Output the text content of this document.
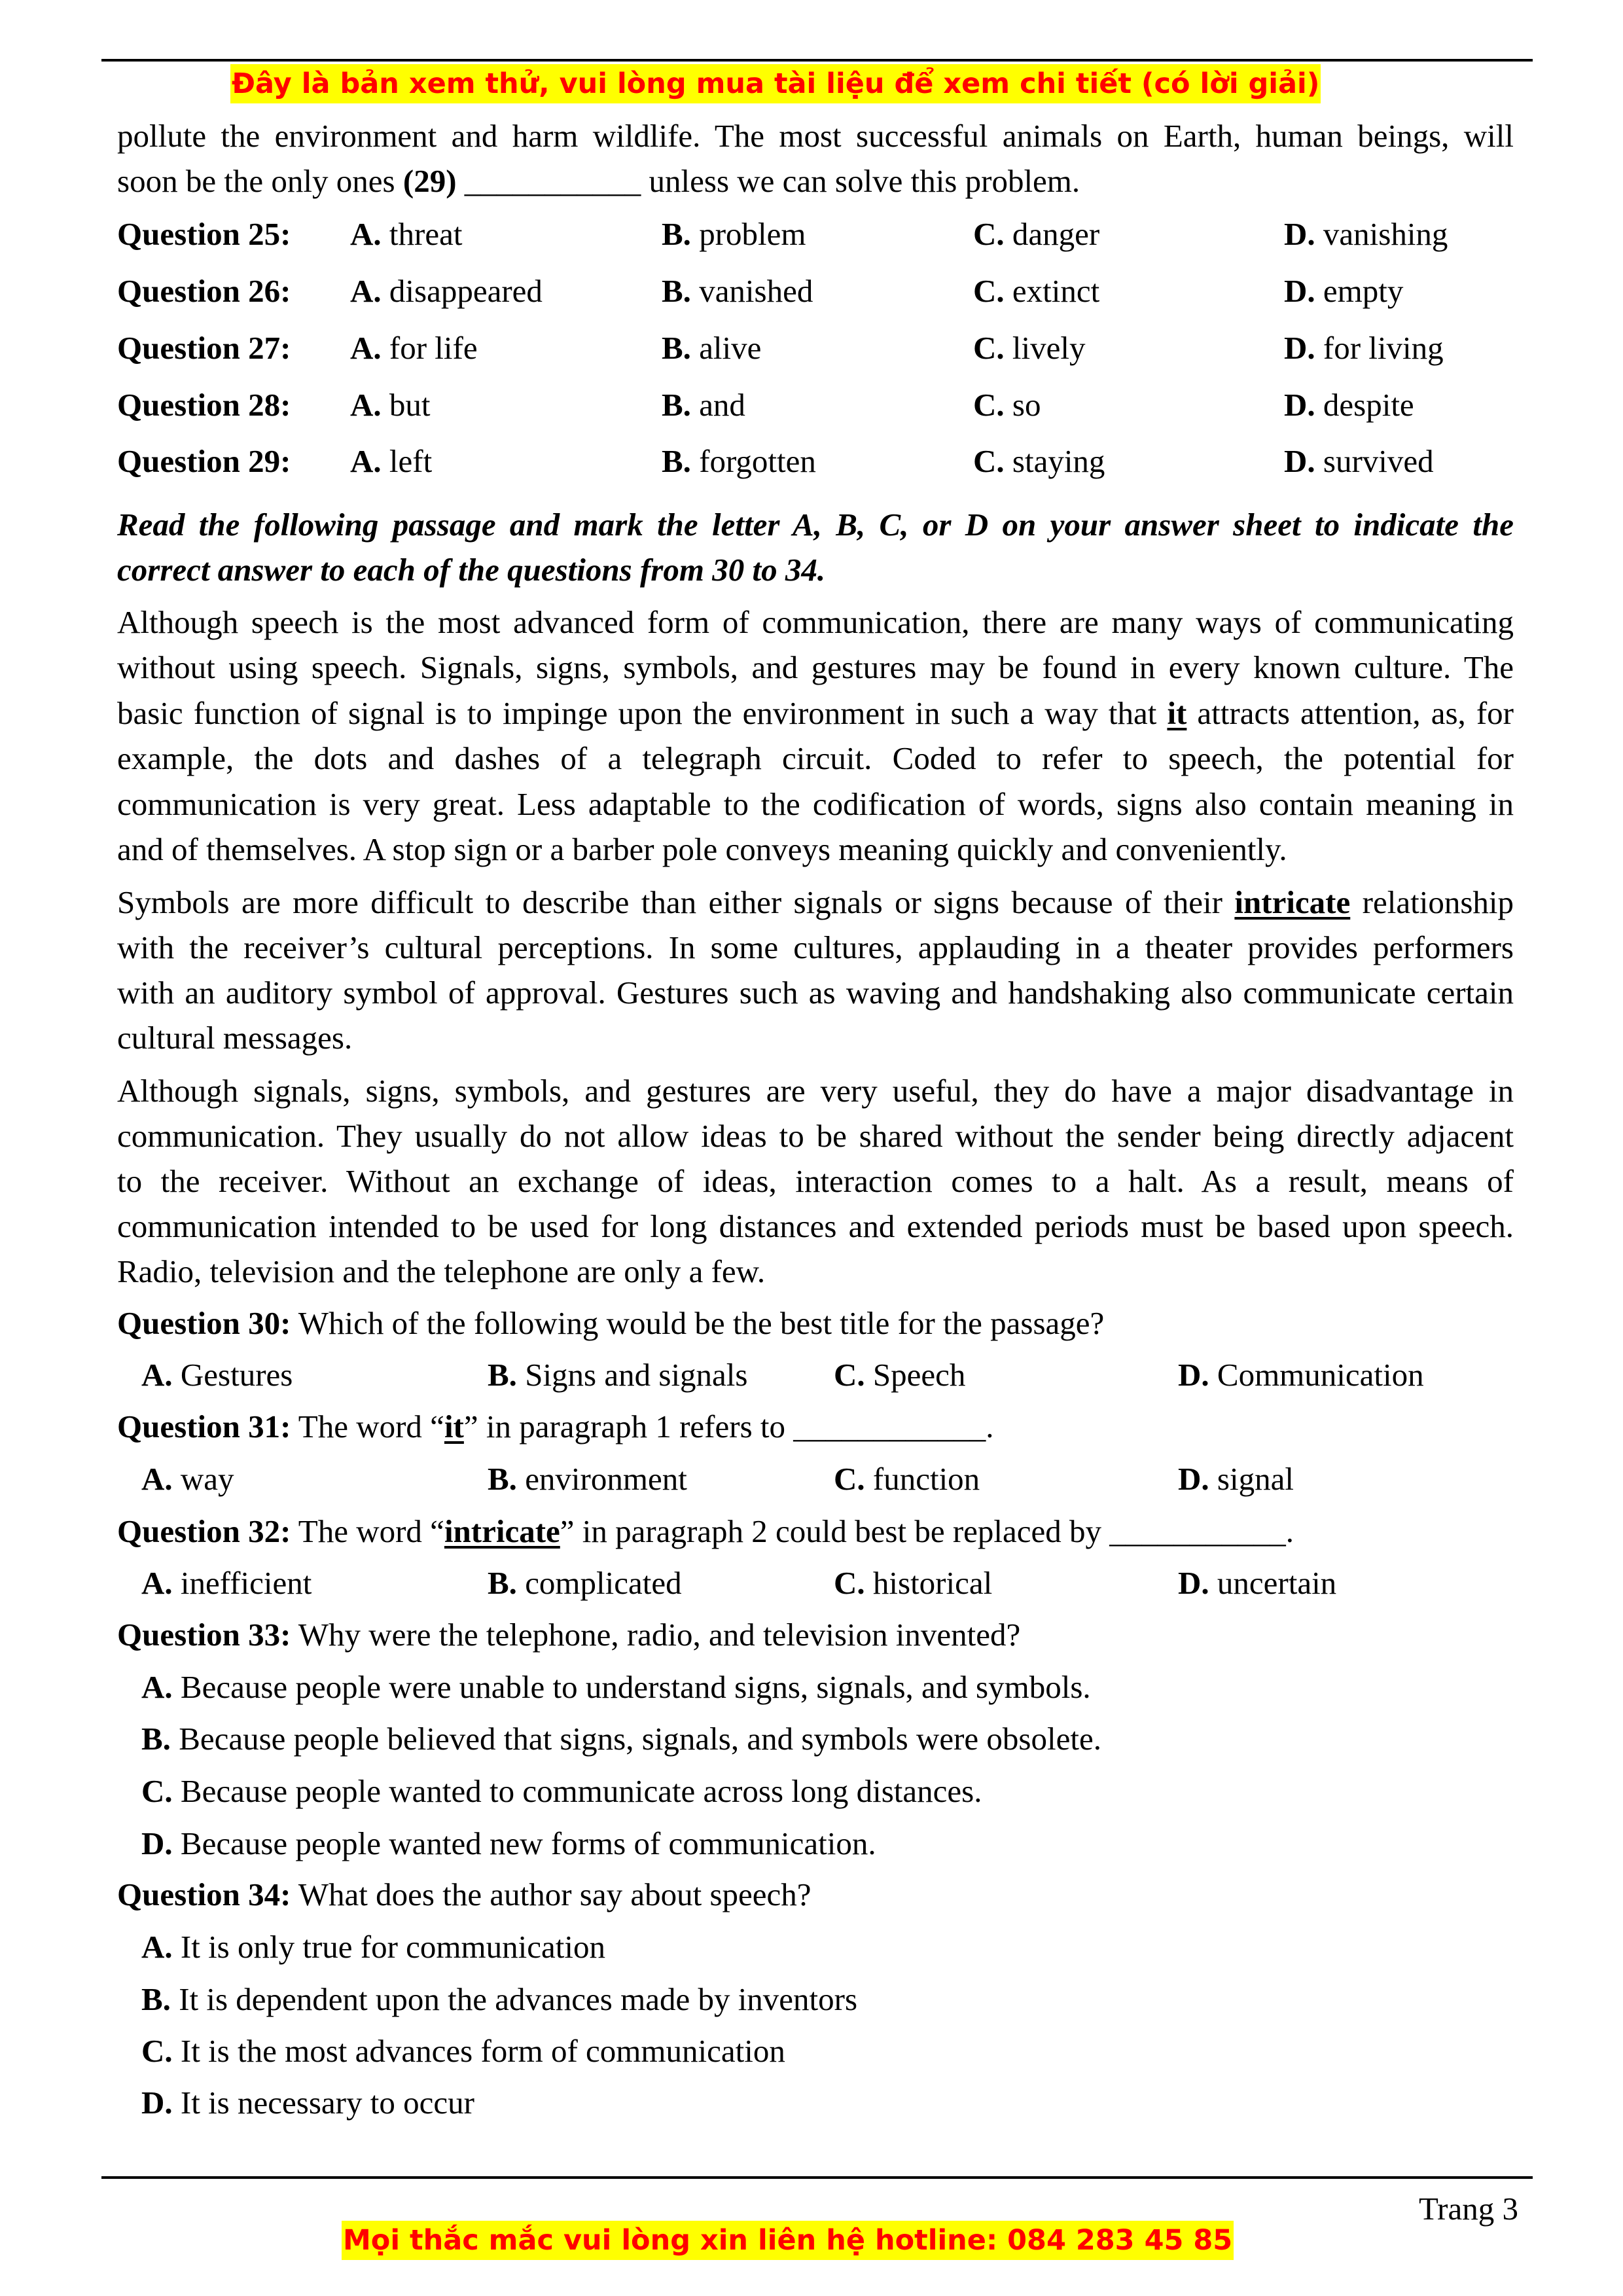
Đây là bản xem thử, vui lòng mua tài liệu để xem chi tiết (có lời giải)
pollute the environment and harm wildlife. The most successful animals on Earth, human beings, will
soon be the only ones (29) ___________ unless we can solve this problem.
Question 25: A. threat	B. problem	C. danger	D. vanishing
Question 26: A. disappeared	B. vanished	C. extinct	D. empty
Question 27: A. for life	B. alive	C. lively	D. for living
Question 28: A. but	B. and	C. so	D. despite
Question 29: A. left	B. forgotten	C. staying	D. survived
Read the following passage and mark the letter A, B, C, or D on your answer sheet to indicate the
correct answer to each of the questions from 30 to 34.
Although speech is the most advanced form of communication, there are many ways of communicating
without using speech. Signals, signs, symbols, and gestures may be found in every known culture. The
basic function of signal is to impinge upon the environment in such a way that it attracts attention, as, for
example, the dots and dashes of a telegraph circuit. Coded to refer to speech, the potential for
communication is very great. Less adaptable to the codification of words, signs also contain meaning in
and of themselves. A stop sign or a barber pole conveys meaning quickly and conveniently.
Symbols are more difficult to describe than either signals or signs because of their intricate relationship
with the receiver’s cultural perceptions. In some cultures, applauding in a theater provides performers
with an auditory symbol of approval. Gestures such as waving and handshaking also communicate certain
cultural messages.
Although signals, signs, symbols, and gestures are very useful, they do have a major disadvantage in
communication. They usually do not allow ideas to be shared without the sender being directly adjacent
to the receiver. Without an exchange of ideas, interaction comes to a halt. As a result, means of
communication intended to be used for long distances and extended periods must be based upon speech.
Radio, television and the telephone are only a few.
Question 30: Which of the following would be the best title for the passage?
A. Gestures	B. Signs and signals	C. Speech	D. Communication
Question 31: The word “it” in paragraph 1 refers to ____________.
A. way	B. environment	C. function	D. signal
Question 32: The word “intricate” in paragraph 2 could best be replaced by ___________.
A. inefficient	B. complicated	C. historical	D. uncertain
Question 33: Why were the telephone, radio, and television invented?
A. Because people were unable to understand signs, signals, and symbols.
B. Because people believed that signs, signals, and symbols were obsolete.
C. Because people wanted to communicate across long distances.
D. Because people wanted new forms of communication.
Question 34: What does the author say about speech?
A. It is only true for communication
B. It is dependent upon the advances made by inventors
C. It is the most advances form of communication
D. It is necessary to occur
Trang 3
Mọi thắc mắc vui lòng xin liên hệ hotline: 084 283 45 85
